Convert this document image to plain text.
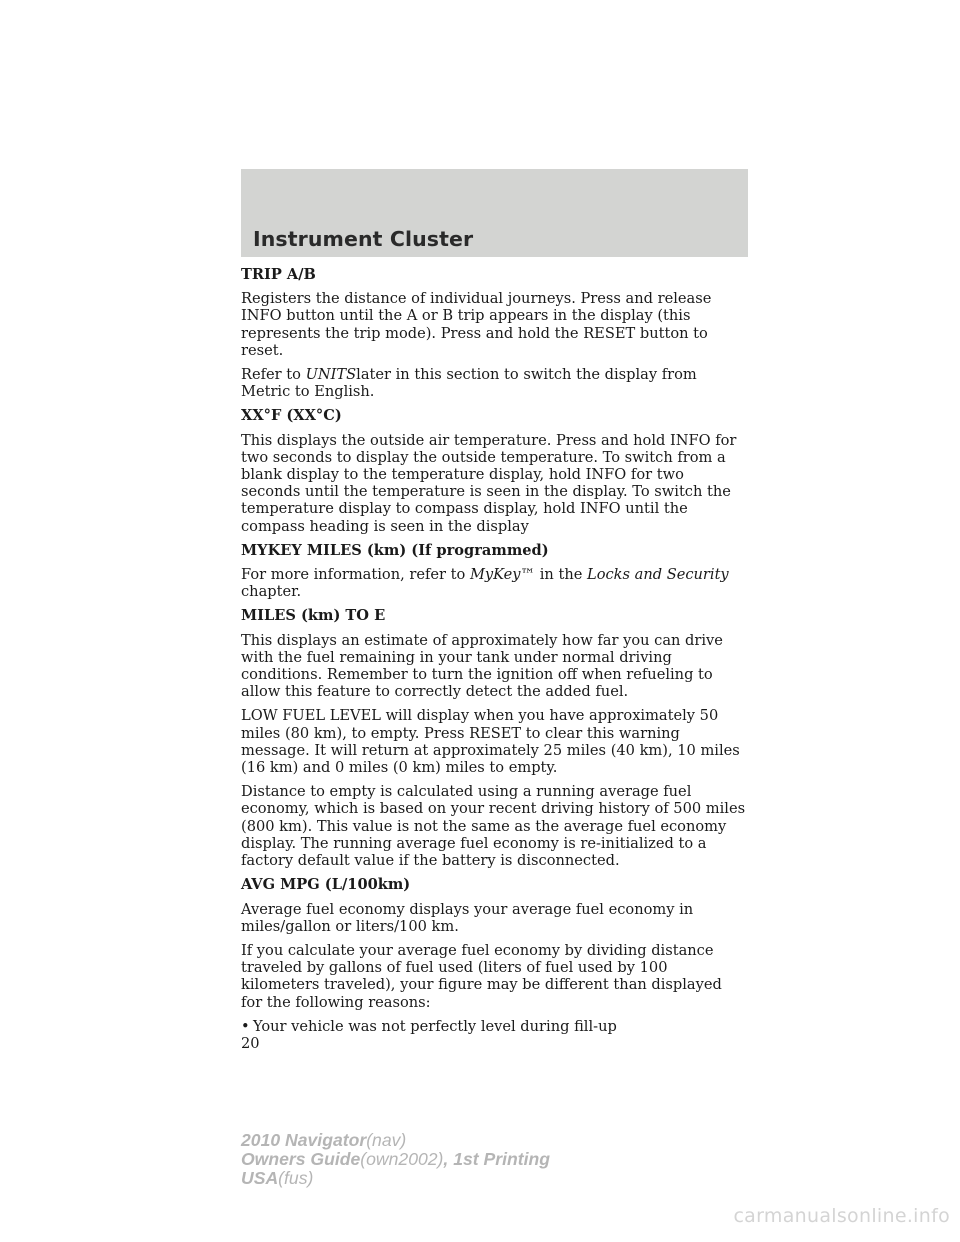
Instrument Cluster

TRIP A/B

Registers the distance of individual journeys. Press and release INFO button until the A or B trip appears in the display (this represents the trip mode). Press and hold the RESET button to reset.

Refer to UNITSlater in this section to switch the display from Metric to English.

XX°F (XX°C)

This displays the outside air temperature. Press and hold INFO for two seconds to display the outside temperature. To switch from a blank display to the temperature display, hold INFO for two seconds until the temperature is seen in the display. To switch the temperature display to compass display, hold INFO until the compass heading is seen in the display

MYKEY MILES (km) (If programmed)

For more information, refer to MyKey™ in the Locks and Security chapter.

MILES (km) TO E

This displays an estimate of approximately how far you can drive with the fuel remaining in your tank under normal driving conditions. Remember to turn the ignition off when refueling to allow this feature to correctly detect the added fuel.

LOW FUEL LEVEL will display when you have approximately 50 miles (80 km), to empty. Press RESET to clear this warning message. It will return at approximately 25 miles (40 km), 10 miles (16 km) and 0 miles (0 km) miles to empty.

Distance to empty is calculated using a running average fuel economy, which is based on your recent driving history of 500 miles (800 km). This value is not the same as the average fuel economy display. The running average fuel economy is re-initialized to a factory default value if the battery is disconnected.

AVG MPG (L/100km)

Average fuel economy displays your average fuel economy in miles/gallon or liters/100 km.

If you calculate your average fuel economy by dividing distance traveled by gallons of fuel used (liters of fuel used by 100 kilometers traveled), your figure may be different than displayed for the following reasons:

• Your vehicle was not perfectly level during fill-up

20

2010 Navigator(nav)
Owners Guide(own2002), 1st Printing
USA(fus)
carmanualsonline.info
